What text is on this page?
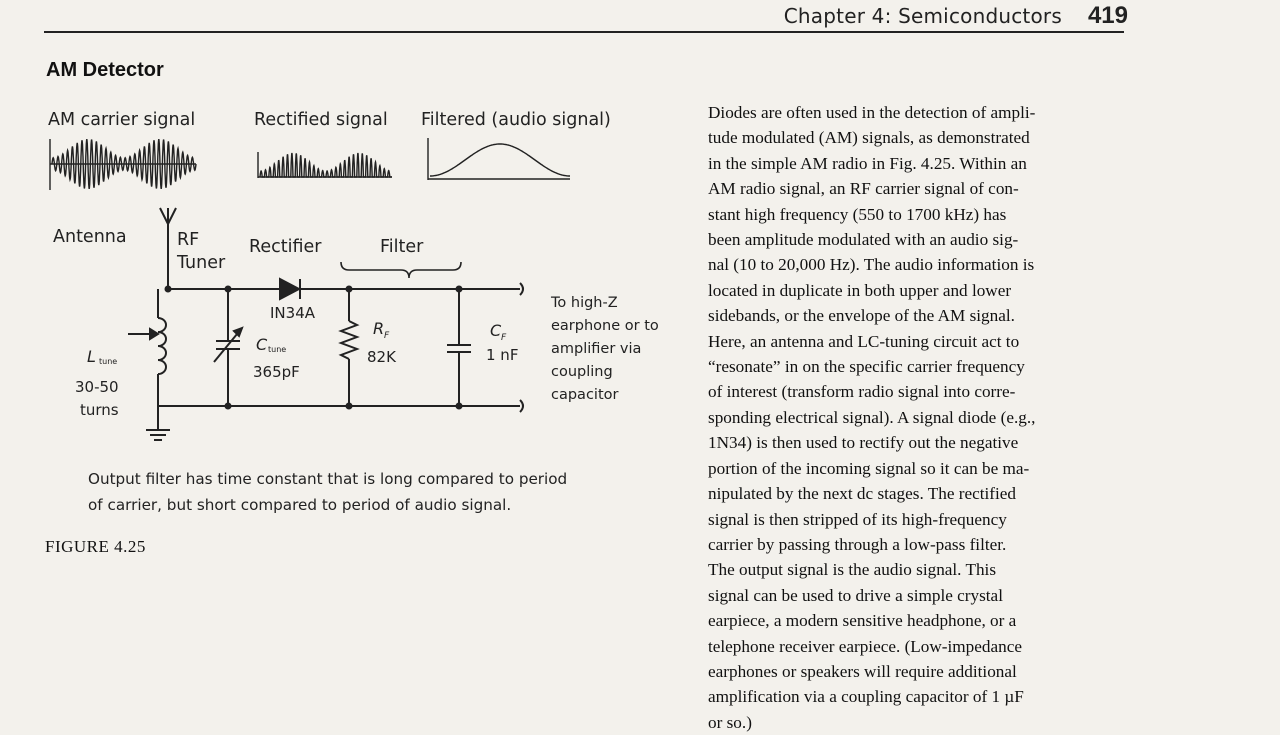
Chapter 4: Semiconductors 419
AM Detector
AM carrier signal	Rectified signal Filtered (audio signal)
Antenna	RF
Tuner
Rectifier	Filter
IN34A
L tune
30-50
turns
C tune
365pF
R F
82K
C F
1 nF
To high-Z
earphone or to
amplifier via
coupling
capacitor
Output filter has time constant that is long compared to period
of carrier, but short compared to period of audio signal.
FIGURE 4.25
Diodes are often used in the detection of ampli-
tude modulated (AM) signals, as demonstrated
in the simple AM radio in Fig. 4.25. Within an
AM radio signal, an RF carrier signal of con-
stant high frequency (550 to 1700 kHz) has
been amplitude modulated with an audio sig-
nal (10 to 20,000 Hz). The audio information is
located in duplicate in both upper and lower
sidebands, or the envelope of the AM signal.
Here, an antenna and LC-tuning circuit act to
“resonate” in on the specific carrier frequency
of interest (transform radio signal into corre-
sponding electrical signal). A signal diode (e.g.,
1N34) is then used to rectify out the negative
portion of the incoming signal so it can be ma-
nipulated by the next dc stages. The rectified
signal is then stripped of its high-frequency
carrier by passing through a low-pass filter.
The output signal is the audio signal. This
signal can be used to drive a simple crystal
earpiece, a modern sensitive headphone, or a
telephone receiver earpiece. (Low-impedance
earphones or speakers will require additional
amplification via a coupling capacitor of 1 µF
or so.)
